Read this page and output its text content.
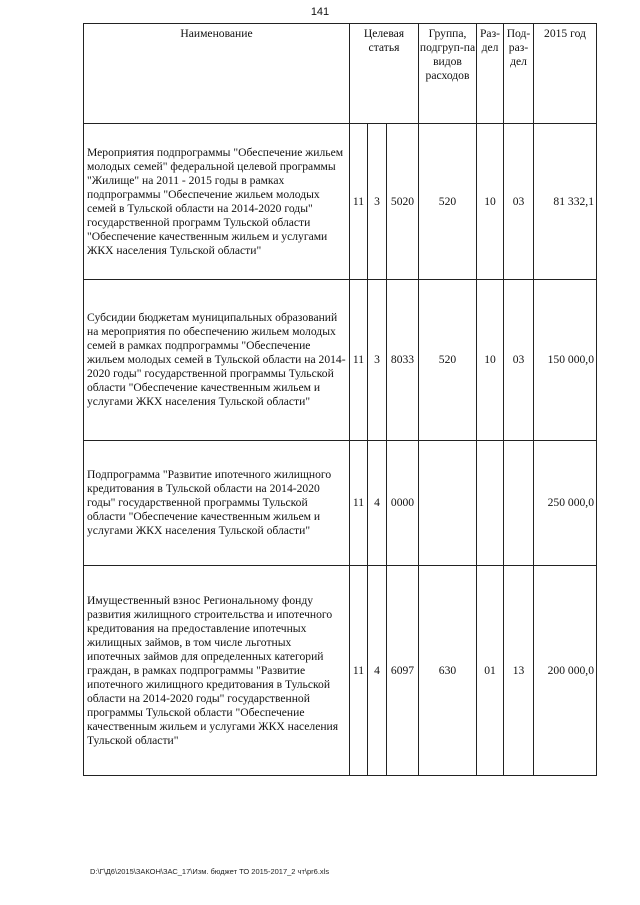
141
Наименование	Целевая статья			Группа, подгруп-па видов расходов	Раз-дел	Под-раз-дел	2015 год
Мероприятия подпрограммы "Обеспечение жильем молодых семей" федеральной целевой программы "Жилище" на 2011 - 2015 годы в рамках подпрограммы "Обеспечение жильем молодых семей в Тульской области на 2014-2020 годы" государственной программ Тульской области "Обеспечение качественным жильем и услугами ЖКХ населения Тульской области"	11	3	5020	520	10	03	81 332,1
Субсидии бюджетам муниципальных образований на мероприятия по обеспечению жильем молодых семей в рамках подпрограммы "Обеспечение жильем молодых семей в Тульской области на 2014-2020 годы" государственной программы Тульской области "Обеспечение качественным жильем и услугами ЖКХ населения Тульской области"	11	3	8033	520	10	03	150 000,0
Подпрограмма "Развитие ипотечного жилищного кредитования в Тульской области на 2014-2020 годы" государственной программы Тульской области "Обеспечение качественным жильем и услугами ЖКХ населения Тульской области"	11	4	0000				250 000,0
Имущественный взнос Региональному фонду развития жилищного строительства и ипотечного кредитования на предоставление ипотечных жилищных займов, в том числе льготных ипотечных займов для определенных категорий граждан, в рамках подпрограммы "Развитие ипотечного жилищного кредитования в Тульской области на 2014-2020 годы" государственной программы Тульской области "Обеспечение качественным жильем и услугами ЖКХ населения Тульской области"	11	4	6097	630	01	13	200 000,0
D:\Г\Д6\2015\ЗАКОН\ЗАС_17\Изм. бюджет ТО 2015-2017_2 чт\pr6.xls
